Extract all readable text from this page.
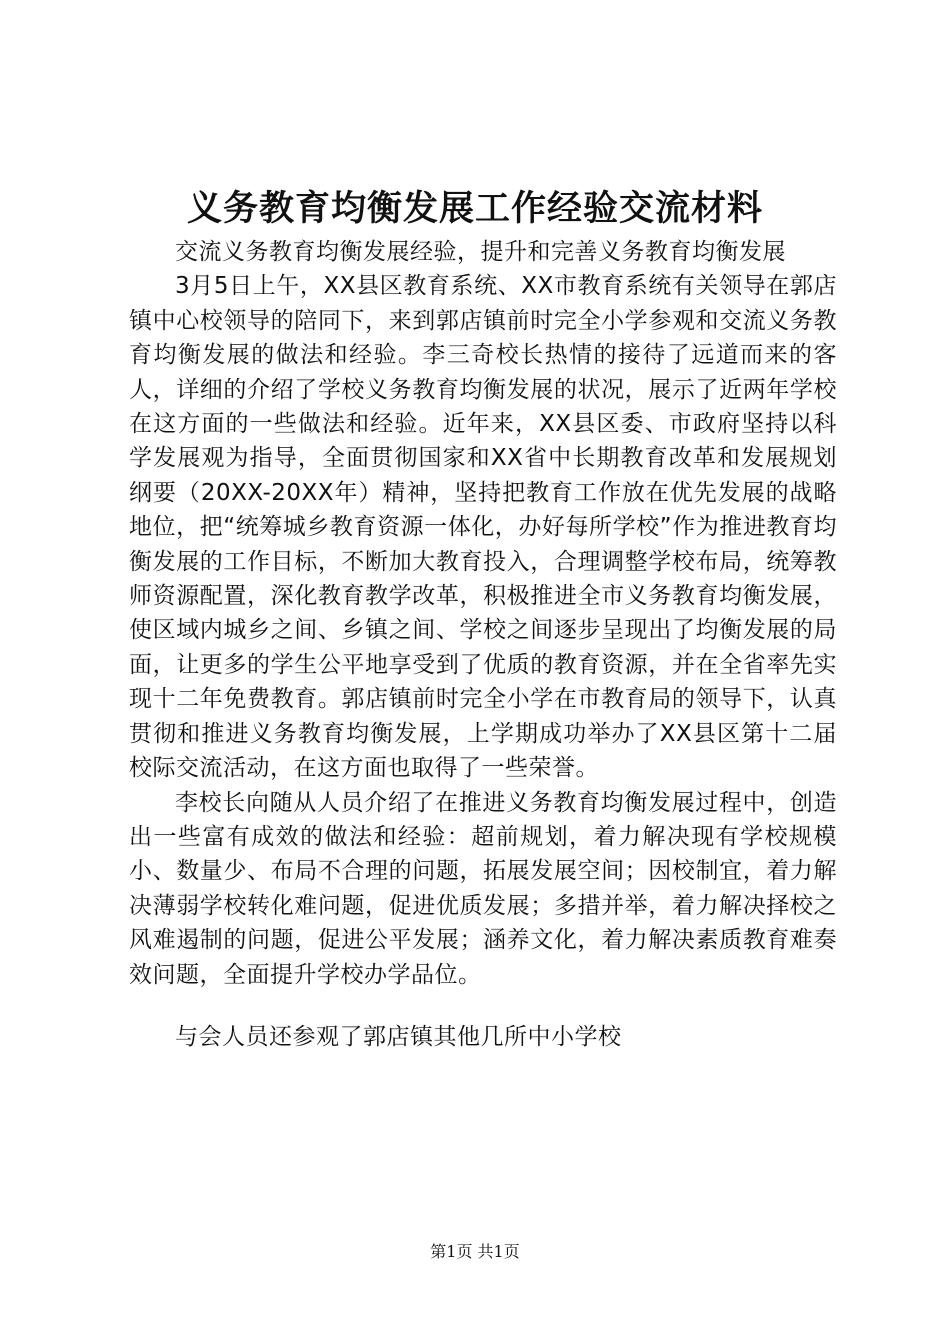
义务教育均衡发展工作经验交流材料

交流义务教育均衡发展经验，提升和完善义务教育均衡发展

3月5日上午，XX县区教育系统、XX市教育系统有关领导在郭店镇中心校领导的陪同下，来到郭店镇前时完全小学参观和交流义务教育均衡发展的做法和经验。李三奇校长热情的接待了远道而来的客人，详细的介绍了学校义务教育均衡发展的状况，展示了近两年学校在这方面的一些做法和经验。近年来，XX县区委、市政府坚持以科学发展观为指导，全面贯彻国家和XX省中长期教育改革和发展规划纲要（20XX-20XX年）精神，坚持把教育工作放在优先发展的战略地位，把“统筹城乡教育资源一体化，办好每所学校”作为推进教育均衡发展的工作目标，不断加大教育投入，合理调整学校布局，统筹教师资源配置，深化教育教学改革，积极推进全市义务教育均衡发展，使区域内城乡之间、乡镇之间、学校之间逐步呈现出了均衡发展的局面，让更多的学生公平地享受到了优质的教育资源，并在全省率先实现十二年免费教育。郭店镇前时完全小学在市教育局的领导下，认真贯彻和推进义务教育均衡发展，上学期成功举办了XX县区第十二届校际交流活动，在这方面也取得了一些荣誉。

李校长向随从人员介绍了在推进义务教育均衡发展过程中，创造出一些富有成效的做法和经验：超前规划，着力解决现有学校规模小、数量少、布局不合理的问题，拓展发展空间；因校制宜，着力解决薄弱学校转化难问题，促进优质发展；多措并举，着力解决择校之风难遏制的问题，促进公平发展；涵养文化，着力解决素质教育难奏效问题，全面提升学校办学品位。

与会人员还参观了郭店镇其他几所中小学校

第1页 共1页
